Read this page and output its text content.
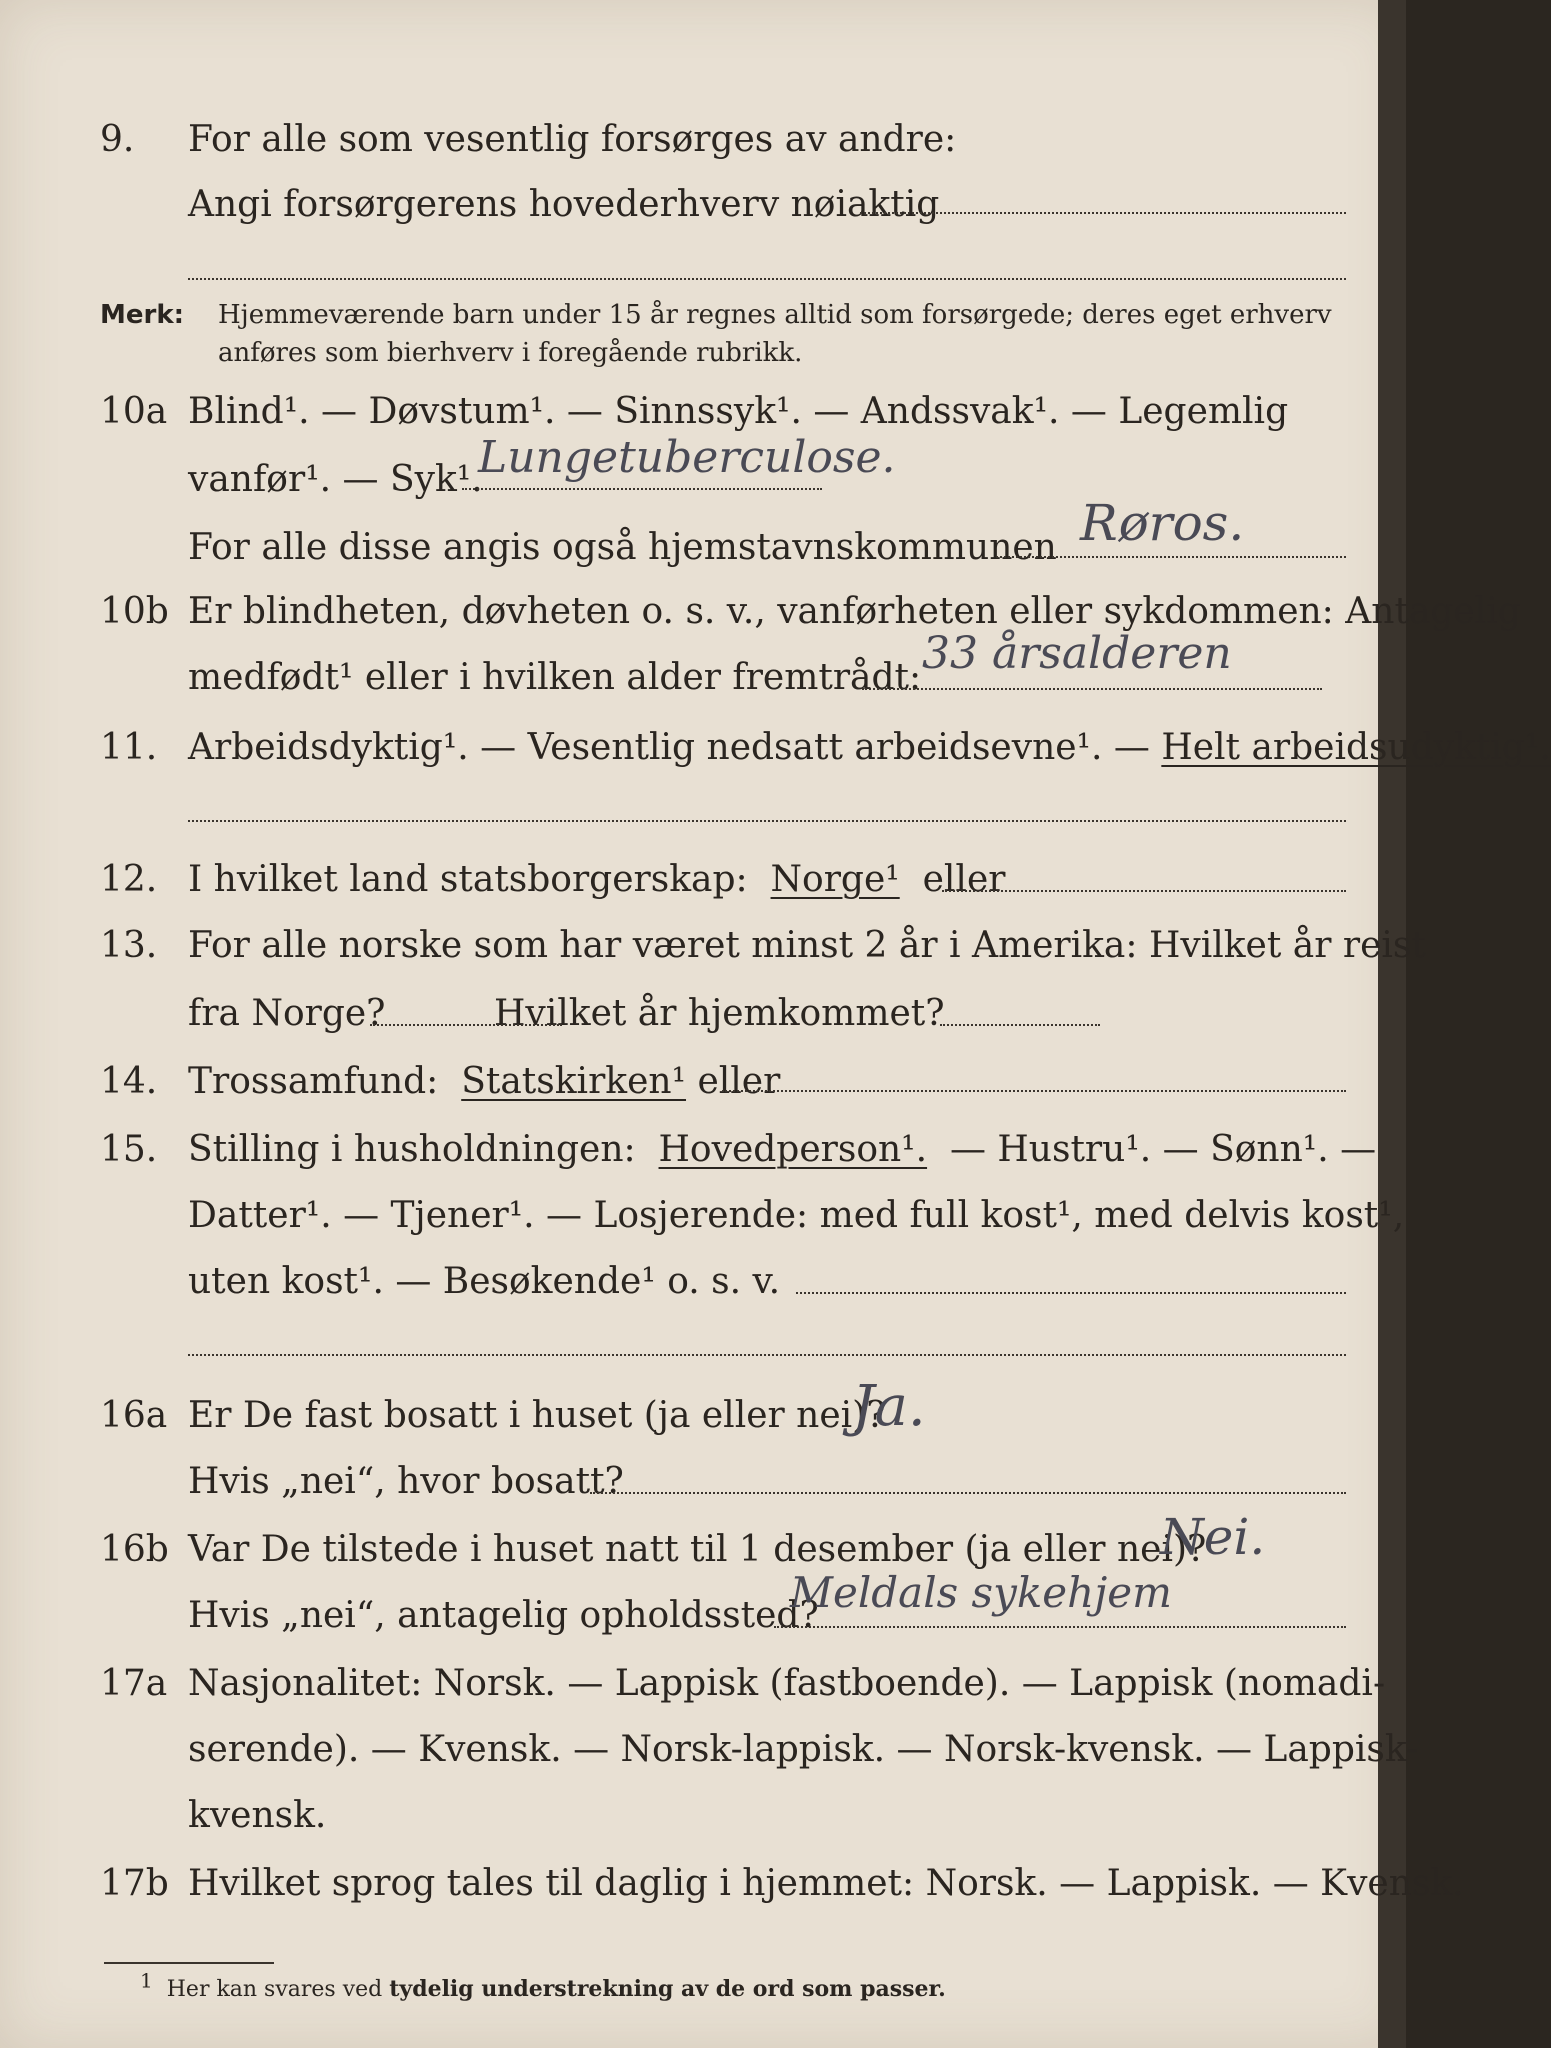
9. For alle som vesentlig forsørges av andre:
Angi forsørgerens hovederhverv nøiaktig
Merk: Hjemmeværende barn under 15 år regnes alltid som forsørgede; deres eget erhverv
anføres som bierhverv i foregående rubrikk.
10a Blind¹. — Døvstum¹. — Sinnssyk¹. — Andssvak¹. — Legemlig
vanfør¹. — Syk¹.
Lungetuberculose.
For alle disse angis også hjemstavnskommunen Røros.
10b Er blindheten, døvheten o. s. v., vanførheten eller sykdommen: Antagelig
medfødt¹ eller i hvilken alder fremtrådt: 33 årsalderen
11. Arbeidsdyktig¹. — Vesentlig nedsatt arbeidsevne¹. — Helt arbeidsudyktig¹.
12. I hvilket land statsborgerskap: Norge¹ eller
13. For alle norske som har været minst 2 år i Amerika: Hvilket år reist
fra Norge?	Hvilket år hjemkommet?
14. Trossamfund: Statskirken¹ eller
15. Stilling i husholdningen: Hovedperson¹. — Hustru¹. — Sønn¹. —
Datter¹. — Tjener¹. — Losjerende: med full kost¹, med delvis kost¹,
uten kost¹. — Besøkende¹ o. s. v.
16a Er De fast bosatt i huset (ja eller nei)?
Ja.
Hvis „nei“, hvor bosatt?
16b Var De tilstede i huset natt til 1 desember (ja eller nei)?
Nei.
Hvis „nei“, antagelig opholdssted?
Meldals sykehjem
17a Nasjonalitet: Norsk. — Lappisk (fastboende). — Lappisk (nomadi-
serende). — Kvensk. — Norsk-lappisk. — Norsk-kvensk. — Lappisk-
kvensk.
17b Hvilket sprog tales til daglig i hjemmet: Norsk. — Lappisk. — Kvensk.
1 Her kan svares ved tydelig understrekning av de ord som passer.
